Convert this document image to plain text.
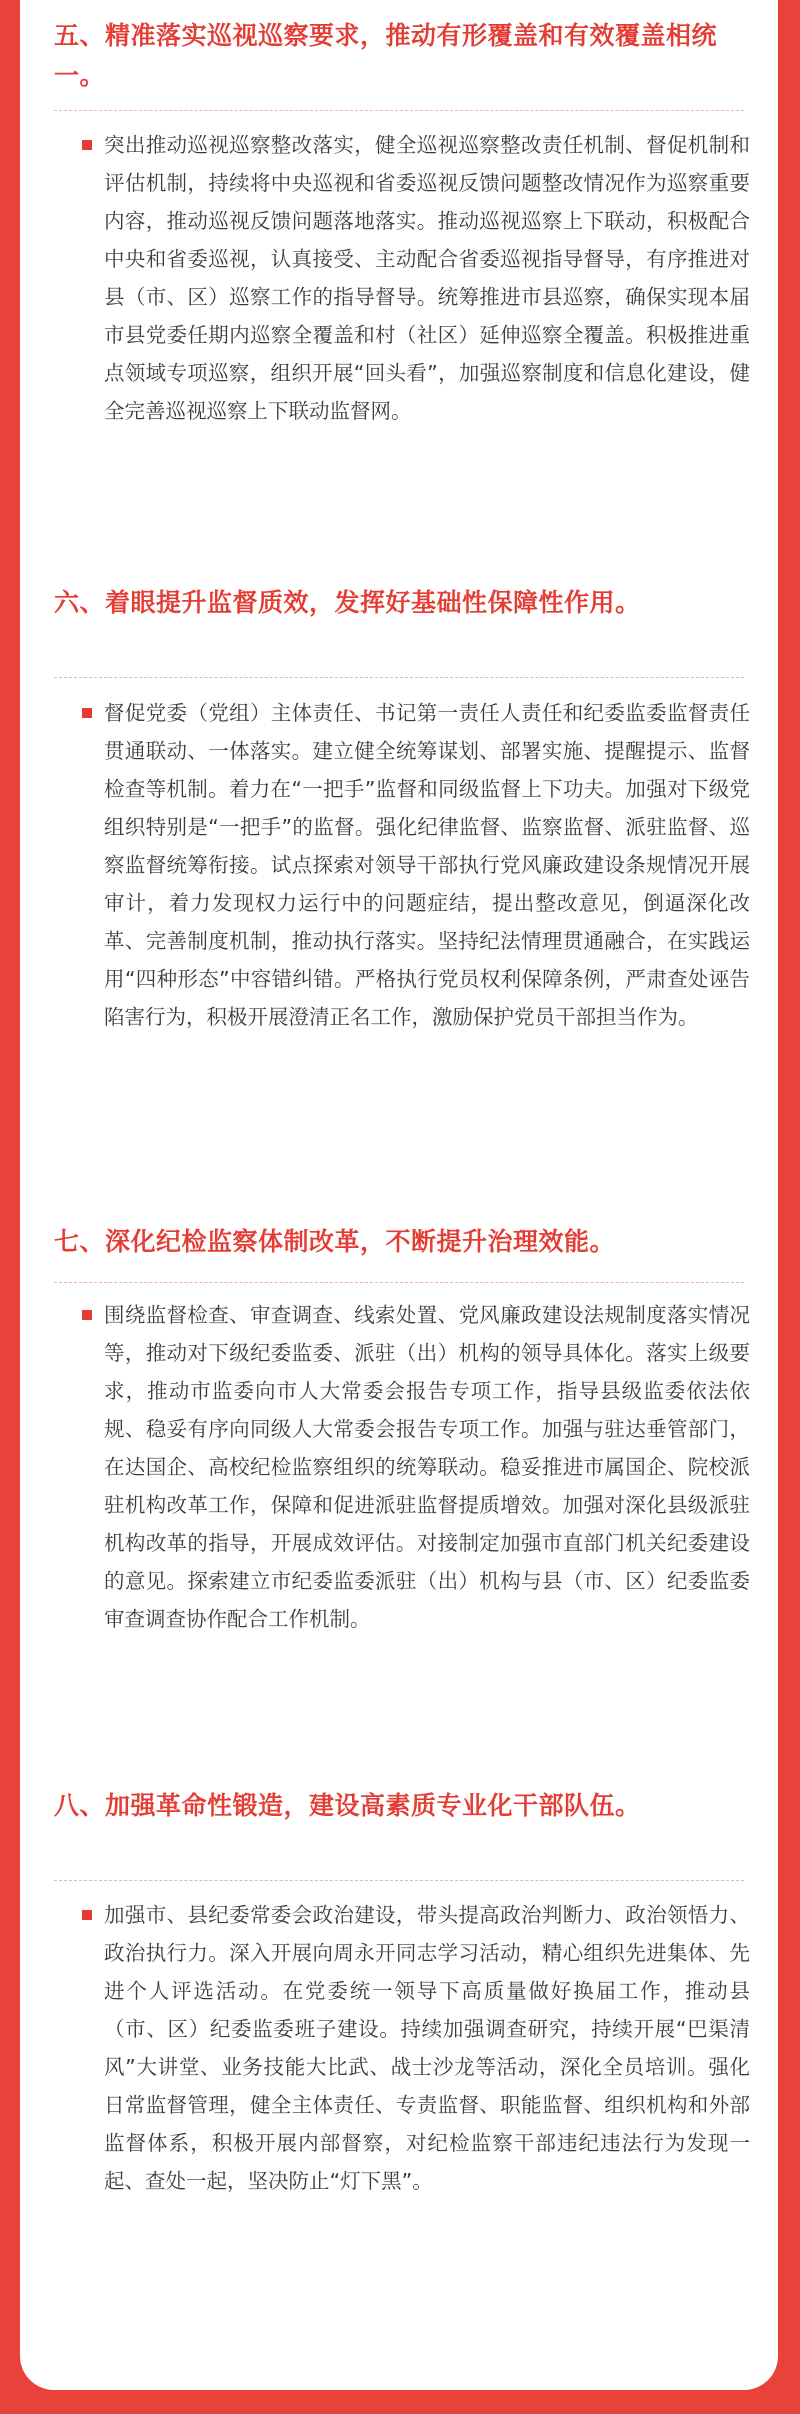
五、精准落实巡视巡察要求，推动有形覆盖和有效覆盖相统一。

突出推动巡视巡察整改落实，健全巡视巡察整改责任机制、督促机制和评估机制，持续将中央巡视和省委巡视反馈问题整改情况作为巡察重要内容，推动巡视反馈问题落地落实。推动巡视巡察上下联动，积极配合中央和省委巡视，认真接受、主动配合省委巡视指导督导，有序推进对县（市、区）巡察工作的指导督导。统筹推进市县巡察，确保实现本届市县党委任期内巡察全覆盖和村（社区）延伸巡察全覆盖。积极推进重点领域专项巡察，组织开展“回头看”，加强巡察制度和信息化建设，健全完善巡视巡察上下联动监督网。

六、着眼提升监督质效，发挥好基础性保障性作用。

督促党委（党组）主体责任、书记第一责任人责任和纪委监委监督责任贯通联动、一体落实。建立健全统筹谋划、部署实施、提醒提示、监督检查等机制。着力在“一把手”监督和同级监督上下功夫。加强对下级党组织特别是“一把手”的监督。强化纪律监督、监察监督、派驻监督、巡察监督统筹衔接。试点探索对领导干部执行党风廉政建设条规情况开展审计，着力发现权力运行中的问题症结，提出整改意见，倒逼深化改革、完善制度机制，推动执行落实。坚持纪法情理贯通融合，在实践运用“四种形态”中容错纠错。严格执行党员权利保障条例，严肃查处诬告陷害行为，积极开展澄清正名工作，激励保护党员干部担当作为。

七、深化纪检监察体制改革，不断提升治理效能。

围绕监督检查、审查调查、线索处置、党风廉政建设法规制度落实情况等，推动对下级纪委监委、派驻（出）机构的领导具体化。落实上级要求，推动市监委向市人大常委会报告专项工作，指导县级监委依法依规、稳妥有序向同级人大常委会报告专项工作。加强与驻达垂管部门，在达国企、高校纪检监察组织的统筹联动。稳妥推进市属国企、院校派驻机构改革工作，保障和促进派驻监督提质增效。加强对深化县级派驻机构改革的指导，开展成效评估。对接制定加强市直部门机关纪委建设的意见。探索建立市纪委监委派驻（出）机构与县（市、区）纪委监委审查调查协作配合工作机制。

八、加强革命性锻造，建设高素质专业化干部队伍。

加强市、县纪委常委会政治建设，带头提高政治判断力、政治领悟力、政治执行力。深入开展向周永开同志学习活动，精心组织先进集体、先进个人评选活动。在党委统一领导下高质量做好换届工作，推动县（市、区）纪委监委班子建设。持续加强调查研究，持续开展“巴渠清风”大讲堂、业务技能大比武、战士沙龙等活动，深化全员培训。强化日常监督管理，健全主体责任、专责监督、职能监督、组织机构和外部监督体系，积极开展内部督察，对纪检监察干部违纪违法行为发现一起、查处一起，坚决防止“灯下黑”。
